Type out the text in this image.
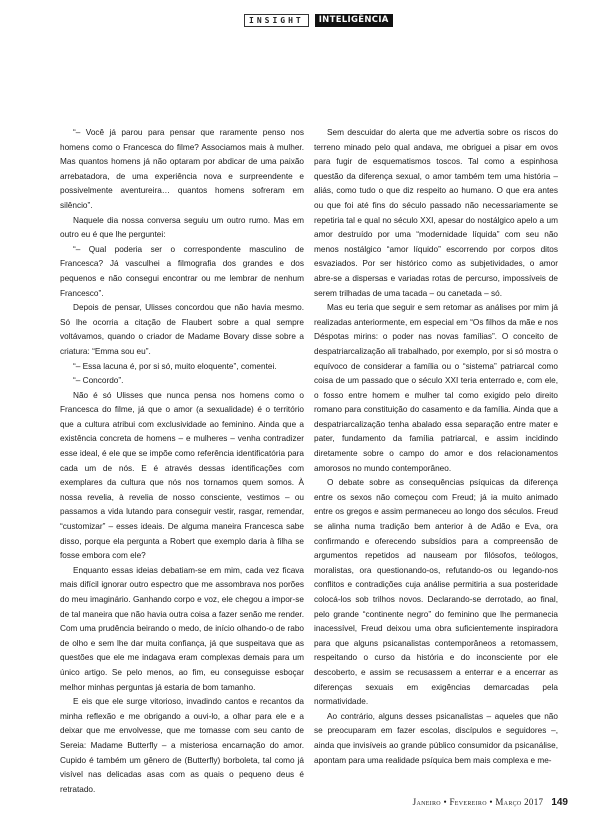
INSIGHT	INTELIGÊNCIA

“– Você já parou para pensar que raramente penso nos homens como o Francesca do filme? Associamos mais à mulher. Mas quantos homens já não optaram por abdicar de uma paixão arrebatadora, de uma experiência nova e surpreendente e possivelmente aventureira… quantos homens sofreram em silêncio”.

Naquele dia nossa conversa seguiu um outro rumo. Mas em outro eu é que lhe perguntei:

“– Qual poderia ser o correspondente masculino de Francesca? Já vasculhei a filmografia dos grandes e dos pequenos e não consegui encontrar ou me lembrar de nenhum Francesco”.

Depois de pensar, Ulisses concordou que não havia mesmo. Só lhe ocorria a citação de Flaubert sobre a qual sempre voltávamos, quando o criador de Madame Bovary disse sobre a criatura: “Emma sou eu”.

“– Essa lacuna é, por si só, muito eloquente”, comentei.

“– Concordo”.

Não é só Ulisses que nunca pensa nos homens como o Francesca do filme, já que o amor (a sexualidade) é o território que a cultura atribui com exclusividade ao feminino. Ainda que a existência concreta de homens – e mulheres – venha contradizer esse ideal, é ele que se impõe como referência identificatória para cada um de nós. E é através dessas identificações com exemplares da cultura que nós nos tornamos quem somos. À nossa revelia, à revelia de nosso consciente, vestimos – ou passamos a vida lutando para conseguir vestir, rasgar, remendar, “customizar” – esses ideais. De alguma maneira Francesca sabe disso, porque ela pergunta a Robert que exemplo daria à filha se fosse embora com ele?

Enquanto essas ideias debatiam-se em mim, cada vez ficava mais difícil ignorar outro espectro que me assombrava nos porões do meu imaginário. Ganhando corpo e voz, ele chegou a impor-se de tal maneira que não havia outra coisa a fazer senão me render. Com uma prudência beirando o medo, de início olhando-o de rabo de olho e sem lhe dar muita confiança, já que suspeitava que as questões que ele me indagava eram complexas demais para um único artigo. Se pelo menos, ao fim, eu conseguisse esboçar melhor minhas perguntas já estaria de bom tamanho.

E eis que ele surge vitorioso, invadindo cantos e recantos da minha reflexão e me obrigando a ouvi-lo, a olhar para ele e a deixar que me envolvesse, que me tomasse com seu canto de Sereia: Madame Butterfly – a misteriosa encarnação do amor. Cupido é também um gênero de (Butterfly) borboleta, tal como já visível nas delicadas asas com as quais o pequeno deus é retratado.

Sem descuidar do alerta que me advertia sobre os riscos do terreno minado pelo qual andava, me obriguei a pisar em ovos para fugir de esquematismos toscos. Tal como a espinhosa questão da diferença sexual, o amor também tem uma história – aliás, como tudo o que diz respeito ao humano. O que era antes ou que foi até fins do século passado não necessariamente se repetiria tal e qual no século XXI, apesar do nostálgico apelo a um amor destruído por uma “modernidade líquida” com seu não menos nostálgico “amor líquido” escorrendo por corpos ditos esvaziados. Por ser histórico como as subjetividades, o amor abre-se a dispersas e variadas rotas de percurso, impossíveis de serem trilhadas de uma tacada – ou canetada – só.

Mas eu teria que seguir e sem retomar as análises por mim já realizadas anteriormente, em especial em “Os filhos da mãe e nos Déspotas mirins: o poder nas novas famílias”. O conceito de despatriarcalização ali trabalhado, por exemplo, por si só mostra o equívoco de considerar a família ou o “sistema” patriarcal como coisa de um passado que o século XXI teria enterrado e, com ele, o fosso entre homem e mulher tal como exigido pelo direito romano para constituição do casamento e da família. Ainda que a despatriarcalização tenha abalado essa separação entre mater e pater, fundamento da família patriarcal, e assim incidindo diretamente sobre o campo do amor e dos relacionamentos amorosos no mundo contemporâneo.

O debate sobre as consequências psíquicas da diferença entre os sexos não começou com Freud; já ia muito animado entre os gregos e assim permaneceu ao longo dos séculos. Freud se alinha numa tradição bem anterior à de Adão e Eva, ora confirmando e oferecendo subsídios para a compreensão de argumentos repetidos ad nauseam por filósofos, teólogos, moralistas, ora questionando-os, refutando-os ou legando-nos conflitos e contradições cuja análise permitiria a sua posteridade colocá-los sob trilhos novos. Declarando-se derrotado, ao final, pelo grande “continente negro” do feminino que lhe permanecia inacessível, Freud deixou uma obra suficientemente inspiradora para que alguns psicanalistas contemporâneos a retomassem, respeitando o curso da história e do inconsciente por ele descoberto, e assim se recusassem a enterrar e a encerrar as diferenças sexuais em exigências demarcadas pela normatividade.

Ao contrário, alguns desses psicanalistas – aqueles que não se preocuparam em fazer escolas, discípulos e seguidores –, ainda que invisíveis ao grande público consumidor da psicanálise, apontam para uma realidade psíquica bem mais complexa e me-

Janeiro • Fevereiro • Março 2017 149
